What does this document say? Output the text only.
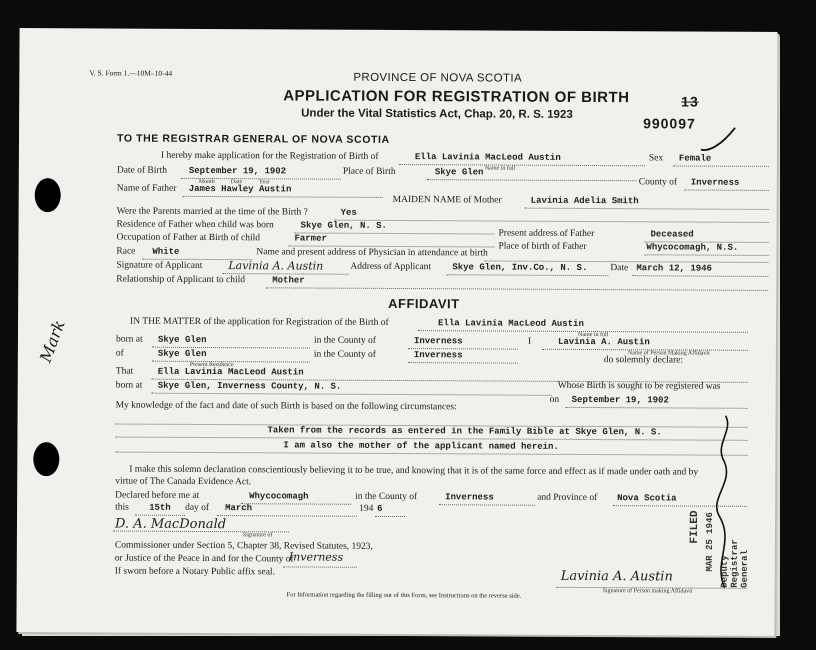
Mark
V. S. Form 1.—10M–10-44	PROVINCE OF NOVA SCOTIA
APPLICATION FOR REGISTRATION OF BIRTH
Under the Vital Statistics Act, Chap. 20, R. S. 1923
13
990097
TO THE REGISTRAR GENERAL OF NOVA SCOTIA
I hereby make application for the Registration of Birth of	Ella Lavinia MacLeod Austin
Name in full
Sex Female
Date of Birth September 19, 1902
Month	Date	Year
Place of Birth	Skye Glen
County of Inverness
Name of Father James Hawley Austin
MAIDEN NAME of Mother	Lavinia Adelia Smith
Were the Parents married at the time of the Birth ?	Yes
Residence of Father when child was born	Skye Glen, N. S.
Present address of Father	Deceased
Occupation of Father at Birth of child	Farmer
Place of birth of Father	Whycocomagh, N.S.
Race White	Name and present address of Physician in attendance at birth
Signature of Applicant Lavinia A. Austin	Address of Applicant Skye Glen, Inv.Co., N. S. Date March 12, 1946
Relationship of Applicant to child	Mother
AFFIDAVIT
IN THE MATTER of the application for Registration of the Birth of	Ella Lavinia MacLeod Austin
Name in full
born at Skye Glen	in the County of	Inverness	I	Lavinia A. Austin
Name of Person Making Affidavit
of	Skye Glen
Present Residence
in the County of	Inverness	do solemnly declare:
That	Ella Lavinia MacLeod Austin
born at Skye Glen, Inverness County, N. S.	Whose Birth is sought to be registered was
on September 19, 1902
My knowledge of the fact and date of such Birth is based on the following circumstances:
Taken from the records as entered in the Family Bible at Skye Glen, N. S.
I am also the mother of the applicant named herein.
I make this solemn declaration conscientiously believing it to be true, and knowing that it is of the same force and effect as if made under oath and by
virtue of The Canada Evidence Act.
Declared before me at	Whycocomagh	in the County of	Inverness	and Province of Nova Scotia
this 15th day of March	194 6
D. A. MacDonald
Signature of
Commissioner under Section 5, Chapter 38, Revised Statutes, 1923,
or Justice of the Peace in and for the County of
Inverness
If sworn before a Notary Public affix seal.	Lavinia A. Austin
Signature of Person making Affidavit
For Information regarding the filling out of this Form, see Instructions on the reverse side.
FILED MAR 25 1946 Deputy Registrar General
